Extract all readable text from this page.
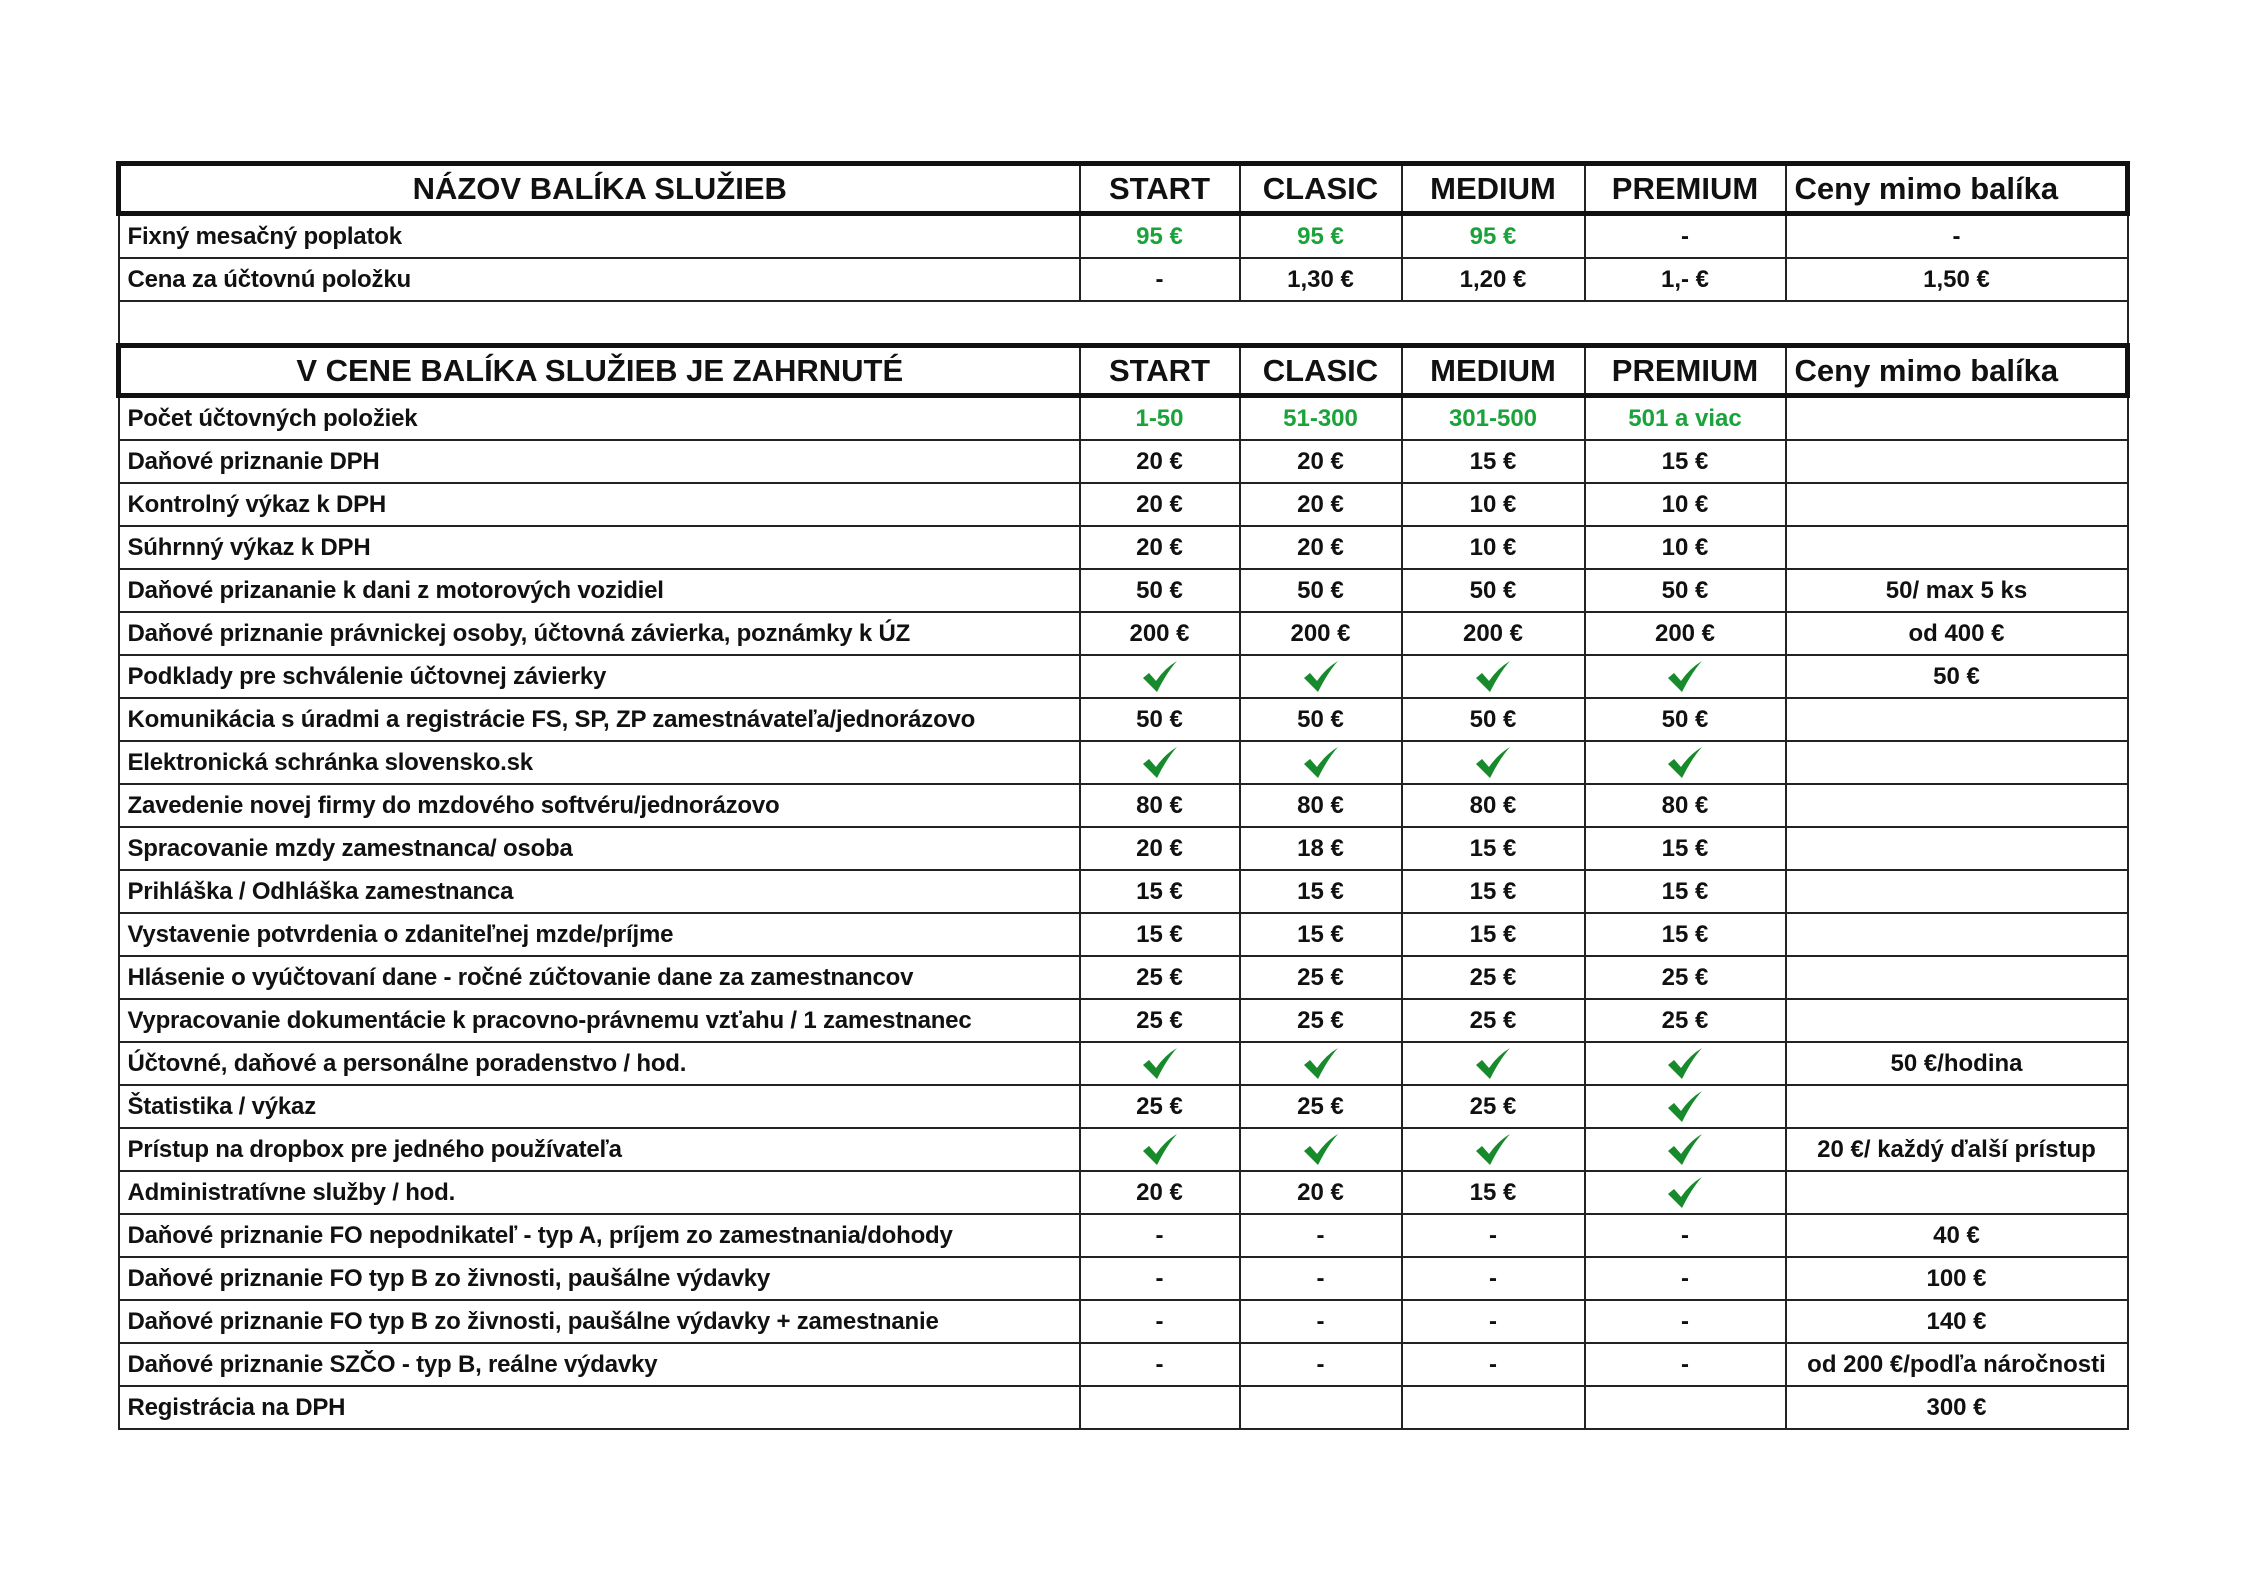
NÁZOV BALÍKA SLUŽIEB	START	CLASIC	MEDIUM	PREMIUM	Ceny mimo balíka
Fixný mesačný poplatok	95 €	95 €	95 €	-	-
Cena za účtovnú položku	-	1,30 €	1,20 €	1,- €	1,50 €

V CENE BALÍKA SLUŽIEB JE ZAHRNUTÉ	START	CLASIC	MEDIUM	PREMIUM	Ceny mimo balíka
Počet účtovných položiek	1-50	51-300	301-500	501 a viac	
Daňové priznanie DPH	20 €	20 €	15 €	15 €	
Kontrolný výkaz k DPH	20 €	20 €	10 €	10 €	
Súhrnný výkaz k DPH	20 €	20 €	10 €	10 €	
Daňové prizananie k dani z motorových vozidiel	50 €	50 €	50 €	50 €	50/ max 5 ks
Daňové priznanie právnickej osoby, účtovná závierka, poznámky k ÚZ	200 €	200 €	200 €	200 €	od 400 €
Podklady pre schválenie účtovnej závierky					50 €
Komunikácia s úradmi a registrácie FS, SP, ZP zamestnávateľa/jednorázovo	50 €	50 €	50 €	50 €	
Elektronická schránka slovensko.sk					
Zavedenie novej firmy do mzdového softvéru/jednorázovo	80 €	80 €	80 €	80 €	
Spracovanie mzdy zamestnanca/ osoba	20 €	18 €	15 €	15 €	
Prihláška / Odhláška zamestnanca	15 €	15 €	15 €	15 €	
Vystavenie potvrdenia o zdaniteľnej mzde/príjme	15 €	15 €	15 €	15 €	
Hlásenie o vyúčtovaní dane - ročné zúčtovanie dane za zamestnancov	25 €	25 €	25 €	25 €	
Vypracovanie dokumentácie k pracovno-právnemu vzťahu / 1 zamestnanec	25 €	25 €	25 €	25 €	
Účtovné, daňové a personálne poradenstvo / hod.					50 €/hodina
Štatistika / výkaz	25 €	25 €	25 €		
Prístup na dropbox pre jedného používateľa					20 €/ každý ďalší prístup
Administratívne služby / hod.	20 €	20 €	15 €		
Daňové priznanie FO nepodnikateľ - typ A, príjem zo zamestnania/dohody	-	-	-	-	40 €
Daňové priznanie FO typ B zo živnosti, paušálne výdavky	-	-	-	-	100 €
Daňové priznanie FO typ B zo živnosti, paušálne výdavky + zamestnanie	-	-	-	-	140 €
Daňové priznanie SZČO - typ B, reálne výdavky	-	-	-	-	od 200 €/podľa náročnosti
Registrácia na DPH					300 €
